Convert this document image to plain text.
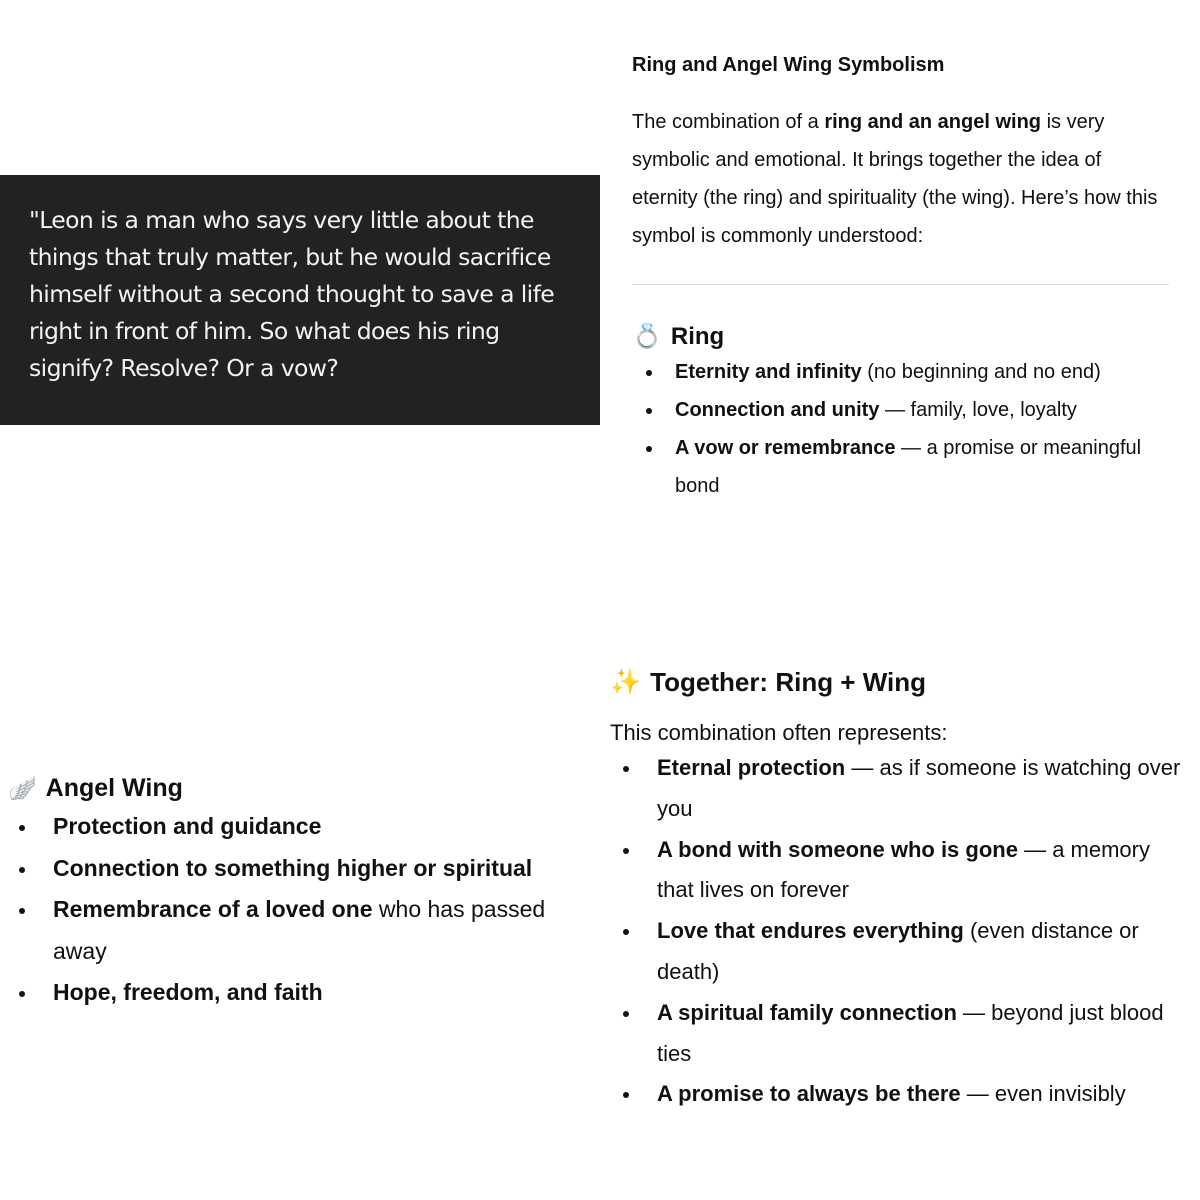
"Leon is a man who says very little about the things that truly matter, but he would sacrifice himself without a second thought to save a life right in front of him. So what does his ring signify? Resolve? Or a vow?
Ring and Angel Wing Symbolism

The combination of a ring and an angel wing is very symbolic and emotional. It brings together the idea of eternity (the ring) and spirituality (the wing). Here’s how this symbol is commonly understood:

💍 Ring
Eternity and infinity (no beginning and no end)
Connection and unity — family, love, loyalty
A vow or remembrance — a promise or meaningful bond
🪽 Angel Wing
Protection and guidance
Connection to something higher or spiritual
Remembrance of a loved one who has passed away
Hope, freedom, and faith
✨ Together: Ring + Wing
This combination often represents:
Eternal protection — as if someone is watching over you
A bond with someone who is gone — a memory that lives on forever
Love that endures everything (even distance or death)
A spiritual family connection — beyond just blood ties
A promise to always be there — even invisibly
